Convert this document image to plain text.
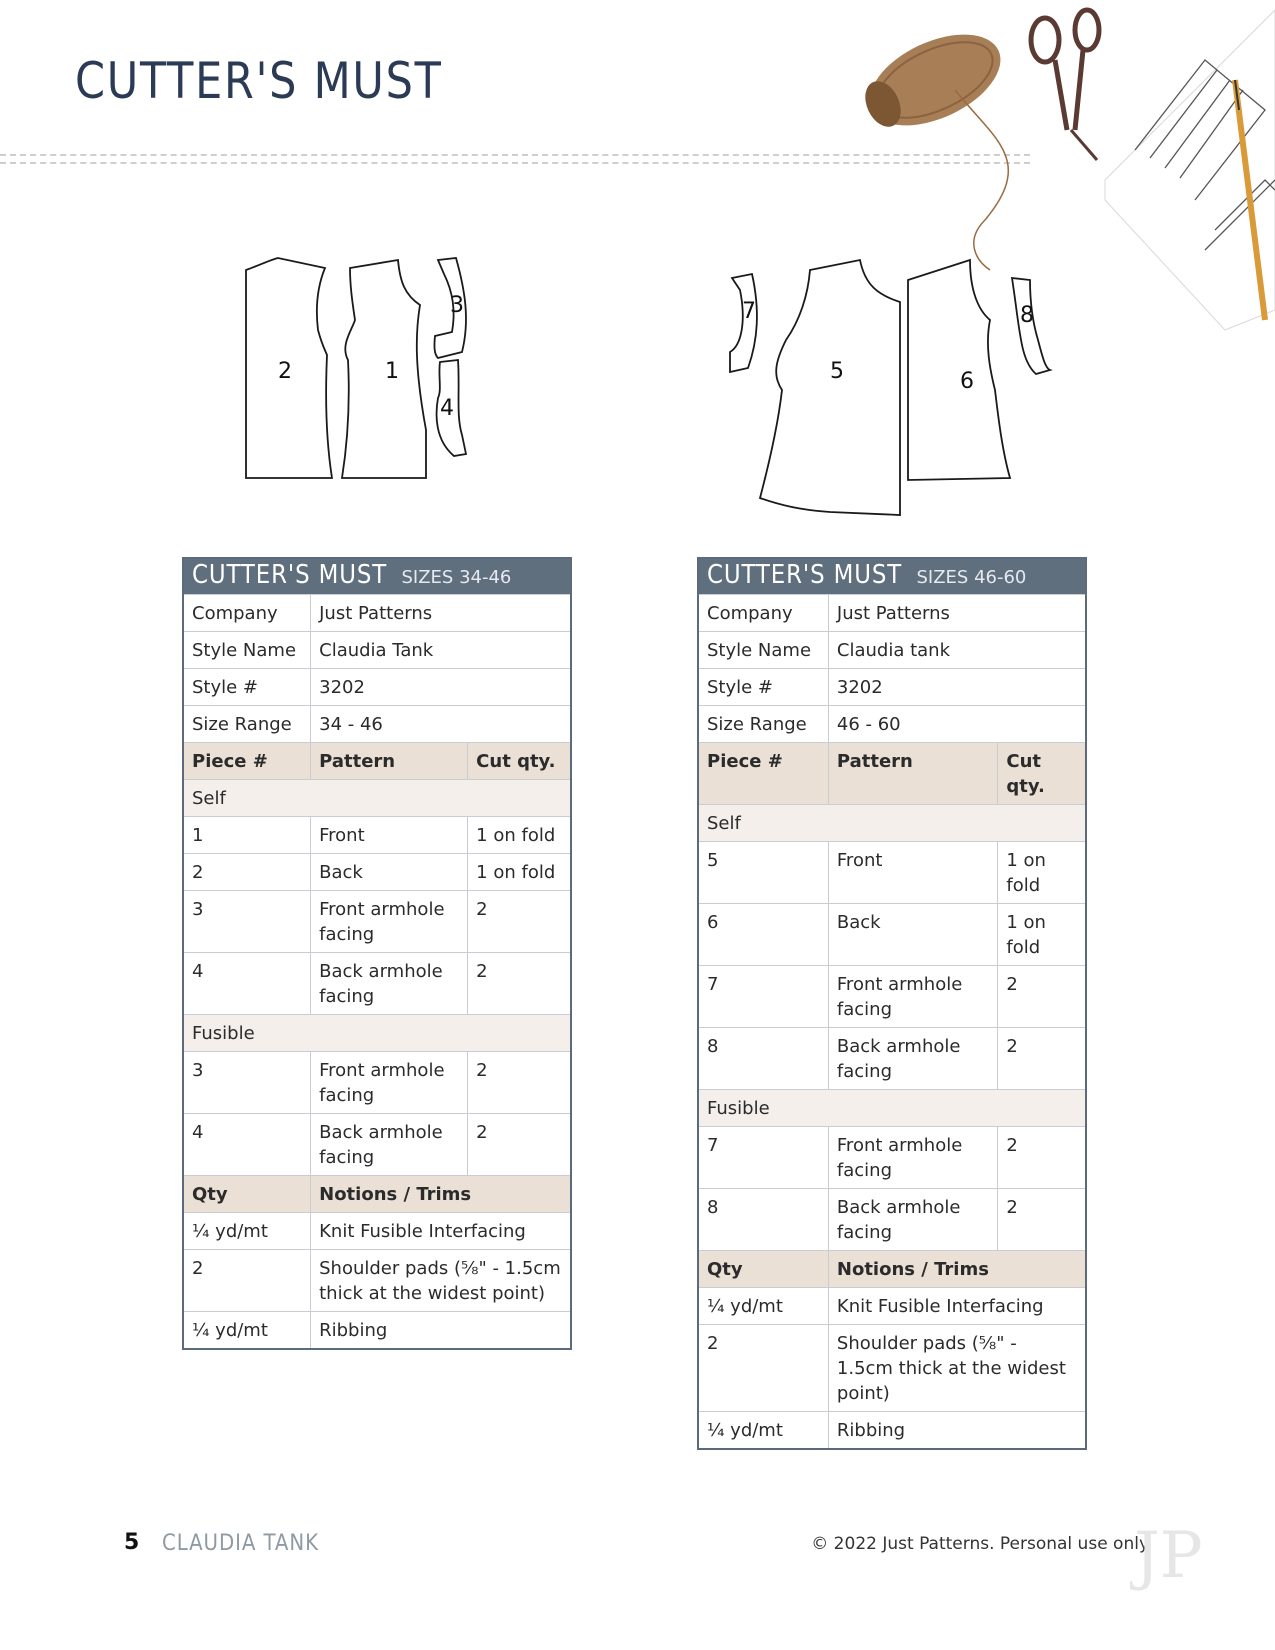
CUTTER'S MUST
2	1
3
4
7
5	6
8
CUTTER'S MUST SIZES 34-46		
Company	Just Patterns	
Style Name	Claudia Tank	
Style #	3202	
Size Range	34 - 46	
Piece #	Pattern	Cut qty.
Self		
1	Front	1 on fold
2	Back	1 on fold
3	Front armhole facing	2
4	Back armhole facing	2
Fusible		
3	Front armhole facing	2
4	Back armhole facing	2
Qty	Notions / Trims	
¼ yd/mt	Knit Fusible Interfacing	
2	Shoulder pads (⅝" - 1.5cm thick at the widest point)	
¼ yd/mt	Ribbing	
CUTTER'S MUST SIZES 46-60		
Company	Just Patterns	
Style Name	Claudia tank	
Style #	3202	
Size Range	46 - 60	
Piece #	Pattern	Cut qty.
Self		
5	Front	1 on fold
6	Back	1 on fold
7	Front armhole facing	2
8	Back armhole facing	2
Fusible		
7	Front armhole facing	2
8	Back armhole facing	2
Qty	Notions / Trims	
¼ yd/mt	Knit Fusible Interfacing	
2	Shoulder pads (⅝" - 1.5cm thick at the widest point)	
¼ yd/mt	Ribbing	
5 CLAUDIA TANK	© 2022 Just Patterns. Personal use only.
JP
